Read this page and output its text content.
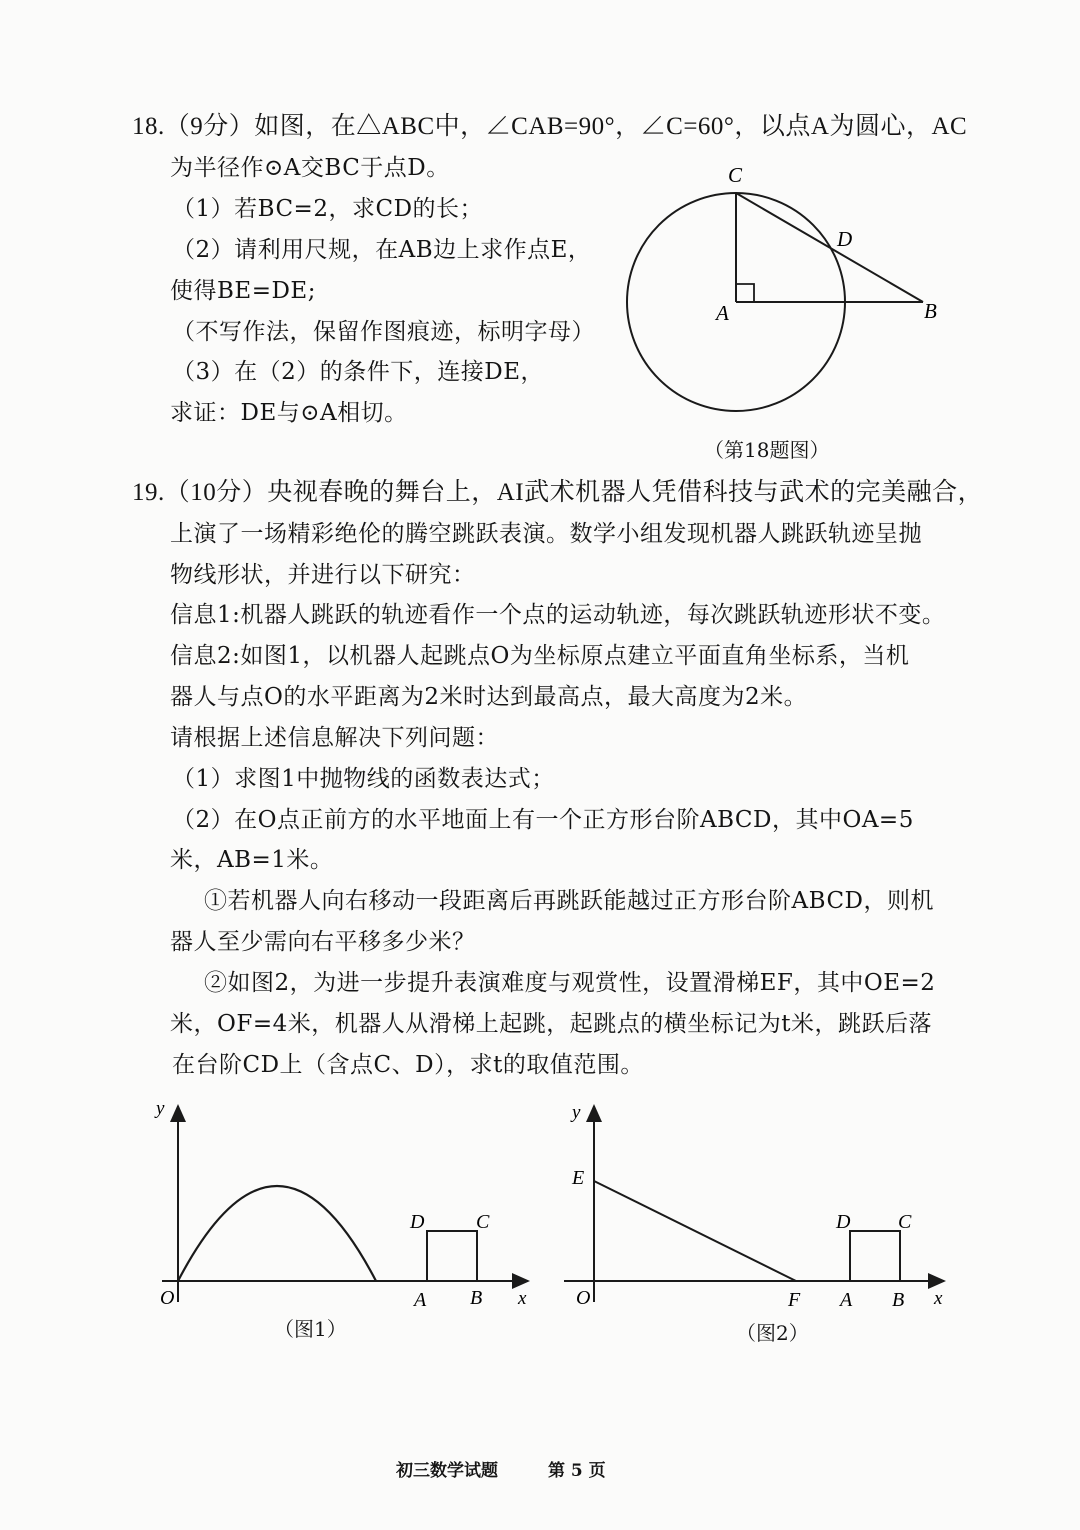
18.（9分）如图，在△ABC中，∠CAB=90°，∠C=60°，以点A为圆心，AC
为半径作⊙A交BC于点D。
（1）若BC=2，求CD的长；
（2）请利用尺规，在AB边上求作点E，
使得BE=DE;
（不写作法，保留作图痕迹，标明字母）
（3）在（2）的条件下，连接DE，
求证：DE与⊙A相切。
C
D
A	B
（第18题图）
19.（10分）央视春晚的舞台上，AI武术机器人凭借科技与武术的完美融合，
上演了一场精彩绝伦的腾空跳跃表演。数学小组发现机器人跳跃轨迹呈抛
物线形状，并进行以下研究：
信息1:机器人跳跃的轨迹看作一个点的运动轨迹，每次跳跃轨迹形状不变。
信息2:如图1，以机器人起跳点O为坐标原点建立平面直角坐标系，当机
器人与点O的水平距离为2米时达到最高点，最大高度为2米。
请根据上述信息解决下列问题：
（1）求图1中抛物线的函数表达式；
（2）在O点正前方的水平地面上有一个正方形台阶ABCD，其中OA=5
米，AB=1米。
①若机器人向右移动一段距离后再跳跃能越过正方形台阶ABCD，则机
器人至少需向右平移多少米？
②如图2，为进一步提升表演难度与观赏性，设置滑梯EF，其中OE=2
米，OF=4米，机器人从滑梯上起跳，起跳点的横坐标记为t米，跳跃后落
在台阶CD上（含点C、D），求t的取值范围。
y
x
O	A B
D	C
（图1）
y
x
O
E
F A B
D C
（图2）
初三数学试题	第 5 页
